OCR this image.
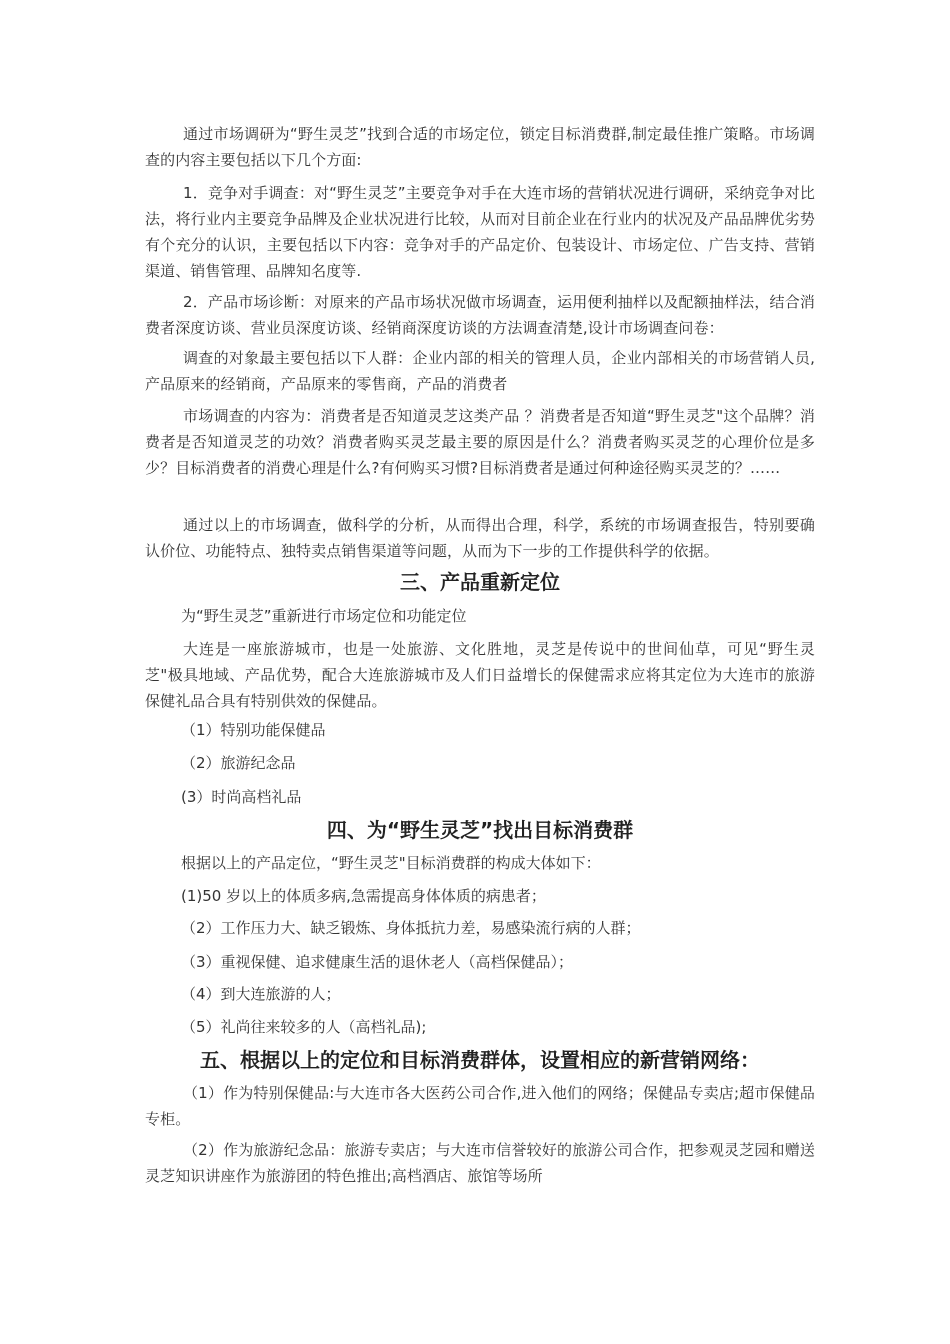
通过市场调研为“野生灵芝”找到合适的市场定位，锁定目标消费群,制定最佳推广策略。市场调查的内容主要包括以下几个方面:

1．竞争对手调查：对“野生灵芝”主要竞争对手在大连市场的营销状况进行调研，采纳竞争对比法，将行业内主要竞争品牌及企业状况进行比较，从而对目前企业在行业内的状况及产品品牌优劣势有个充分的认识，主要包括以下内容：竞争对手的产品定价、包装设计、市场定位、广告支持、营销渠道、销售管理、品牌知名度等.

2．产品市场诊断：对原来的产品市场状况做市场调查，运用便利抽样以及配额抽样法，结合消费者深度访谈、营业员深度访谈、经销商深度访谈的方法调查清楚,设计市场调查问卷：

调查的对象最主要包括以下人群：企业内部的相关的管理人员，企业内部相关的市场营销人员,产品原来的经销商，产品原来的零售商，产品的消费者

市场调查的内容为：消费者是否知道灵芝这类产品 ？消费者是否知道“野生灵芝"这个品牌？消费者是否知道灵芝的功效？消费者购买灵芝最主要的原因是什么？消费者购买灵芝的心理价位是多少？目标消费者的消费心理是什么?有何购买习惯?目标消费者是通过何种途径购买灵芝的？……

通过以上的市场调查，做科学的分析，从而得出合理，科学，系统的市场调查报告，特别要确认价位、功能特点、独特卖点销售渠道等问题，从而为下一步的工作提供科学的依据。

三、产品重新定位

为“野生灵芝”重新进行市场定位和功能定位

大连是一座旅游城市，也是一处旅游、文化胜地，灵芝是传说中的世间仙草，可见“野生灵芝"极具地域、产品优势，配合大连旅游城市及人们日益增长的保健需求应将其定位为大连市的旅游保健礼品合具有特别供效的保健品。

（1）特别功能保健品

（2）旅游纪念品

(3）时尚高档礼品

四、为“野生灵芝”找出目标消费群

根据以上的产品定位，“野生灵芝"目标消费群的构成大体如下：

(1)50 岁以上的体质多病,急需提高身体体质的病患者；

（2）工作压力大、缺乏锻炼、身体抵抗力差，易感染流行病的人群；

（3）重视保健、追求健康生活的退休老人（高档保健品）；

（4）到大连旅游的人；

（5）礼尚往来较多的人（高档礼品);

五、根据以上的定位和目标消费群体，设置相应的新营销网络：

（1）作为特别保健品:与大连市各大医药公司合作,进入他们的网络；保健品专卖店;超市保健品专柜。

（2）作为旅游纪念品：旅游专卖店；与大连市信誉较好的旅游公司合作，把参观灵芝园和赠送灵芝知识讲座作为旅游团的特色推出;高档酒店、旅馆等场所
